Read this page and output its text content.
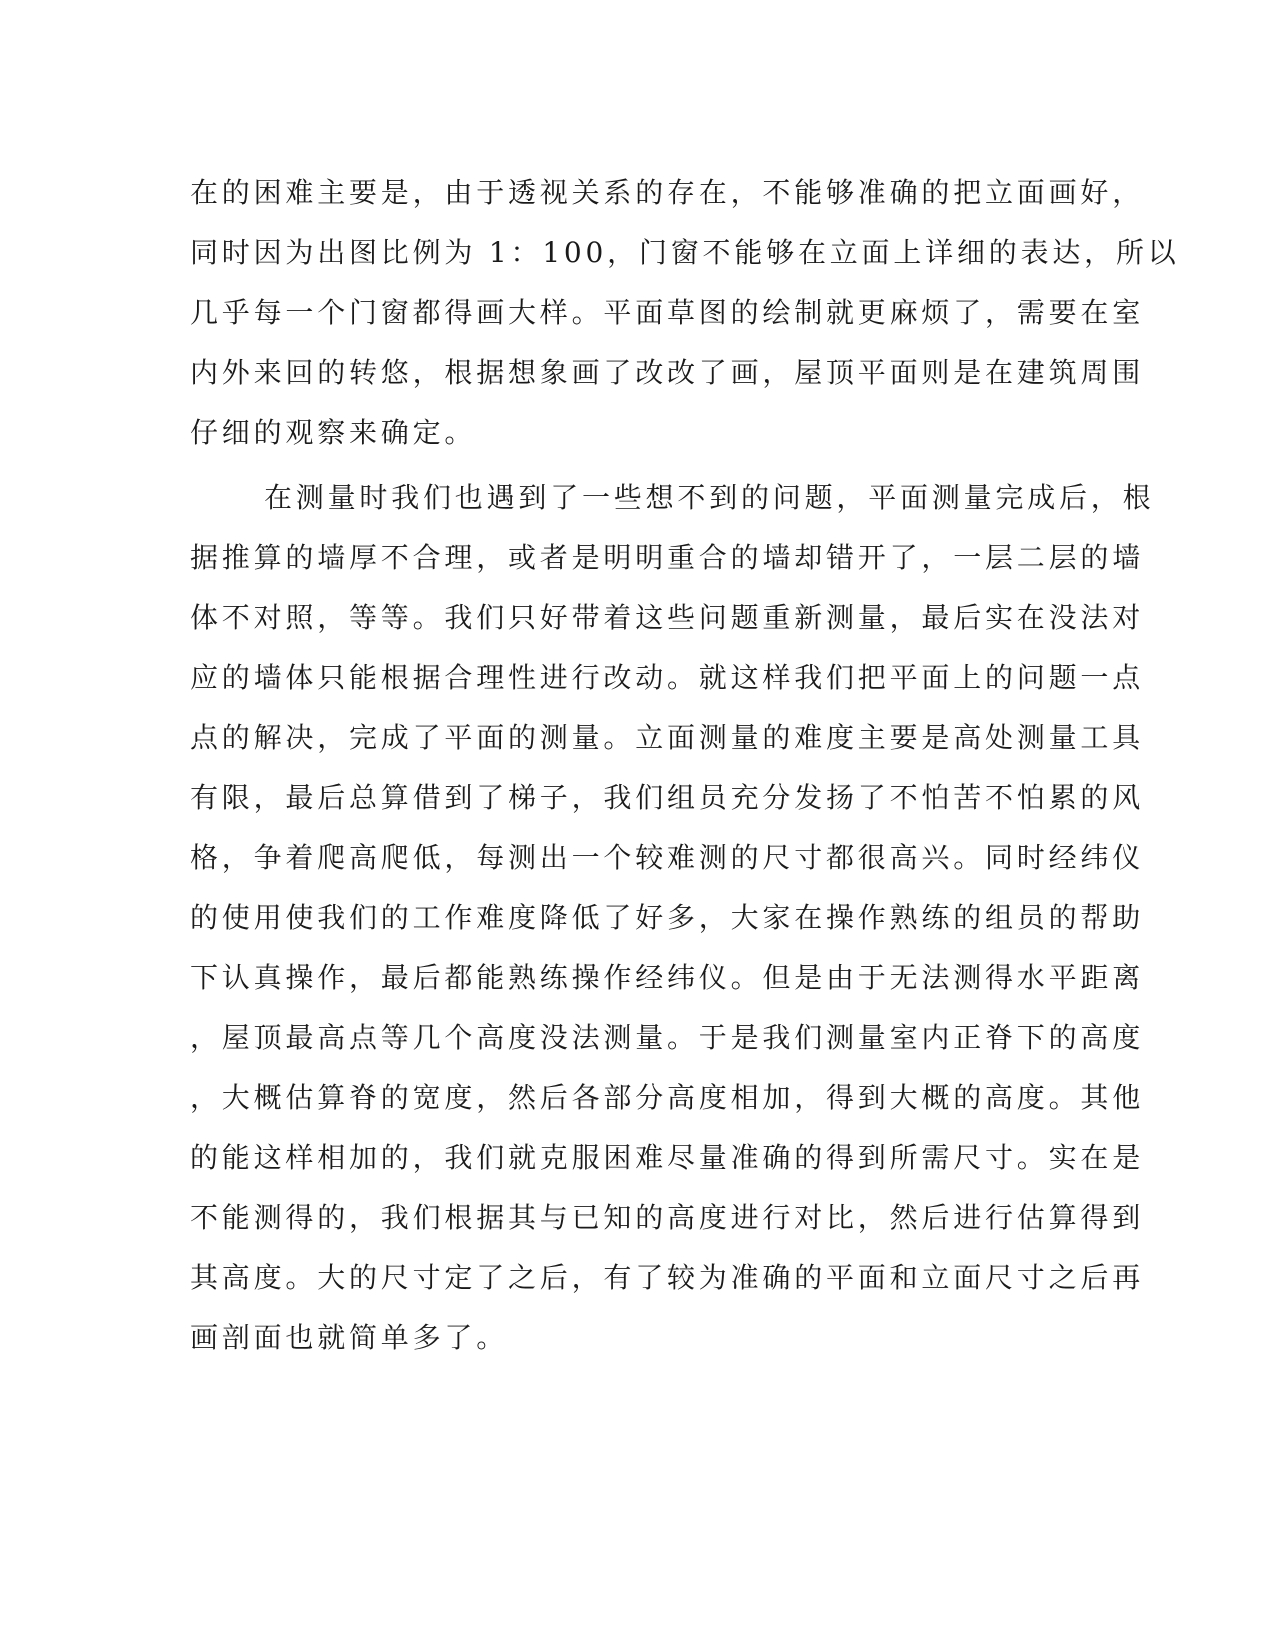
在的困难主要是，由于透视关系的存在，不能够准确的把立面画好，
同时因为出图比例为 1：100，门窗不能够在立面上详细的表达，所以
几乎每一个门窗都得画大样。平面草图的绘制就更麻烦了，需要在室
内外来回的转悠，根据想象画了改改了画，屋顶平面则是在建筑周围
仔细的观察来确定。
在测量时我们也遇到了一些想不到的问题，平面测量完成后，根
据推算的墙厚不合理，或者是明明重合的墙却错开了，一层二层的墙
体不对照，等等。我们只好带着这些问题重新测量，最后实在没法对
应的墙体只能根据合理性进行改动。就这样我们把平面上的问题一点
点的解决，完成了平面的测量。立面测量的难度主要是高处测量工具
有限，最后总算借到了梯子，我们组员充分发扬了不怕苦不怕累的风
格，争着爬高爬低，每测出一个较难测的尺寸都很高兴。同时经纬仪
的使用使我们的工作难度降低了好多，大家在操作熟练的组员的帮助
下认真操作，最后都能熟练操作经纬仪。但是由于无法测得水平距离
，屋顶最高点等几个高度没法测量。于是我们测量室内正脊下的高度
，大概估算脊的宽度，然后各部分高度相加，得到大概的高度。其他
的能这样相加的，我们就克服困难尽量准确的得到所需尺寸。实在是
不能测得的，我们根据其与已知的高度进行对比，然后进行估算得到
其高度。大的尺寸定了之后，有了较为准确的平面和立面尺寸之后再
画剖面也就简单多了。
